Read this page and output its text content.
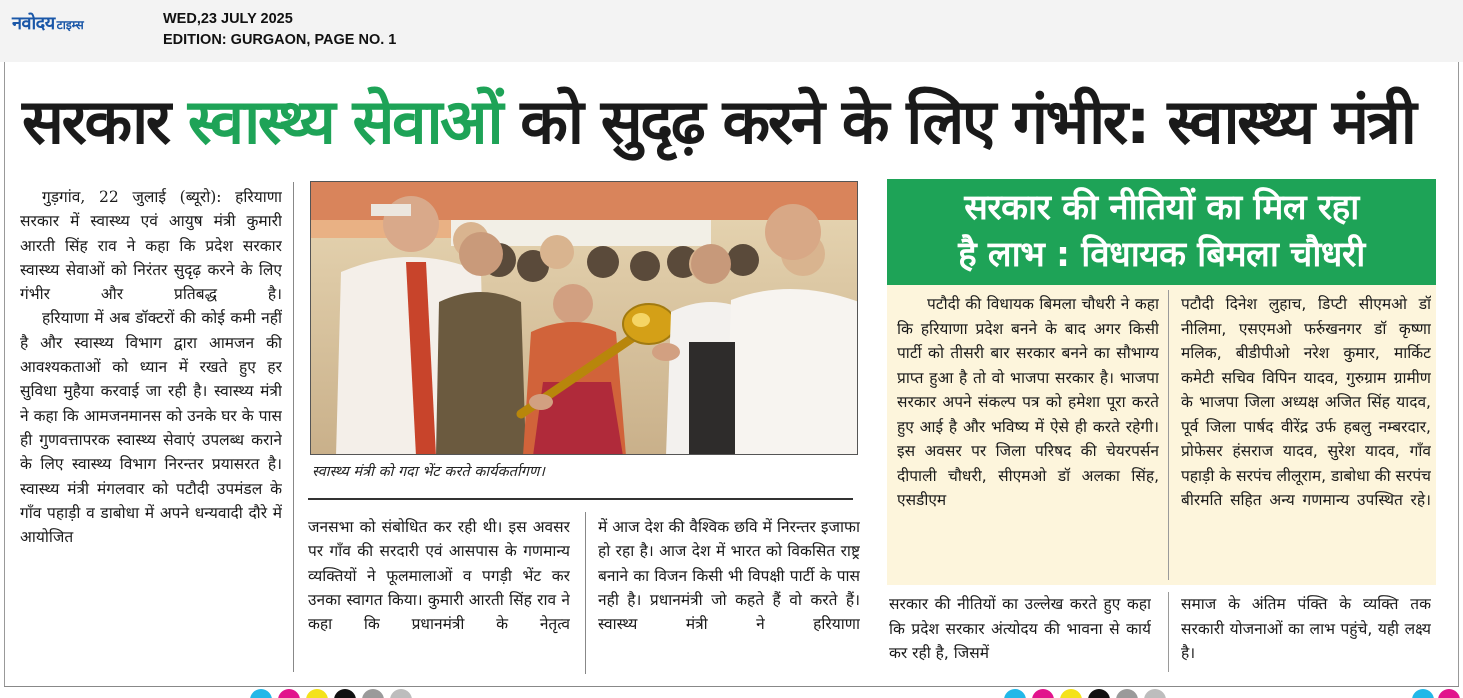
नवोदय टाइम्स	WED,23 JULY 2025
EDITION: GURGAON, PAGE NO. 1
सरकार स्वास्थ्य सेवाओं को सुदृढ़ करने के लिए गंभीर: स्वास्थ्य मंत्री

गुड़गांव, 22 जुलाई (ब्यूरो): हरियाणा सरकार में स्वास्थ्य एवं आयुष मंत्री कुमारी आरती सिंह राव ने कहा कि प्रदेश सरकार स्वास्थ्य सेवाओं को निरंतर सुदृढ़ करने के लिए गंभीर और प्रतिबद्ध है।

हरियाणा में अब डॉक्टरों की कोई कमी नहीं है और स्वास्थ्य विभाग द्वारा आमजन की आवश्यकताओं को ध्यान में रखते हुए हर सुविधा मुहैया करवाई जा रही है। स्वास्थ्य मंत्री ने कहा कि आमजनमानस को उनके घर के पास ही गुणवत्तापरक स्वास्थ्य सेवाएं उपलब्ध कराने के लिए स्वास्थ्य विभाग निरन्तर प्रयासरत है। स्वास्थ्य मंत्री मंगलवार को पटौदी उपमंडल के गाँव पहाड़ी व डाबोधा में अपने धन्यवादी दौरे में आयोजित

स्वास्थ्य मंत्री को गदा भेंट करते कार्यकर्तागण।

जनसभा को संबोधित कर रही थी। इस अवसर पर गाँव की सरदारी एवं आसपास के गणमान्य व्यक्तियों ने फूलमालाओं व पगड़ी भेंट कर उनका स्वागत किया। कुमारी आरती सिंह राव ने कहा कि प्रधानमंत्री के नेतृत्व

में आज देश की वैश्विक छवि में निरन्तर इजाफा हो रहा है। आज देश में भारत को विकसित राष्ट्र बनाने का विजन किसी भी विपक्षी पार्टी के पास नही है। प्रधानमंत्री जो कहते हैं वो करते हैं। स्वास्थ्य मंत्री ने हरियाणा

सरकार की नीतियों का मिल रहा
है लाभ : विधायक बिमला चौधरी

पटौदी की विधायक बिमला चौधरी ने कहा कि हरियाणा प्रदेश बनने के बाद अगर किसी पार्टी को तीसरी बार सरकार बनने का सौभाग्य प्राप्त हुआ है तो वो भाजपा सरकार है। भाजपा सरकार अपने संकल्प पत्र को हमेशा पूरा करते हुए आई है और भविष्य में ऐसे ही करते रहेगी। इस अवसर पर जिला परिषद की चेयरपर्सन दीपाली चौधरी, सीएमओ डॉ अलका सिंह, एसडीएम

पटौदी दिनेश लुहाच, डिप्टी सीएमओ डॉ नीलिमा, एसएमओ फर्रुखनगर डॉ कृष्णा मलिक, बीडीपीओ नरेश कुमार, मार्किट कमेटी सचिव विपिन यादव, गुरुग्राम ग्रामीण के भाजपा जिला अध्यक्ष अजित सिंह यादव, पूर्व जिला पार्षद वीरेंद्र उर्फ हबलु नम्बरदार, प्रोफेसर हंसराज यादव, सुरेश यादव, गाँव पहाड़ी के सरपंच लीलूराम, डाबोधा की सरपंच बीरमति सहित अन्य गणमान्य उपस्थित रहे।

सरकार की नीतियों का उल्लेख करते हुए कहा कि प्रदेश सरकार अंत्योदय की भावना से कार्य कर रही है, जिसमें

समाज के अंतिम पंक्ति के व्यक्ति तक सरकारी योजनाओं का लाभ पहुंचे, यही लक्ष्य है।
